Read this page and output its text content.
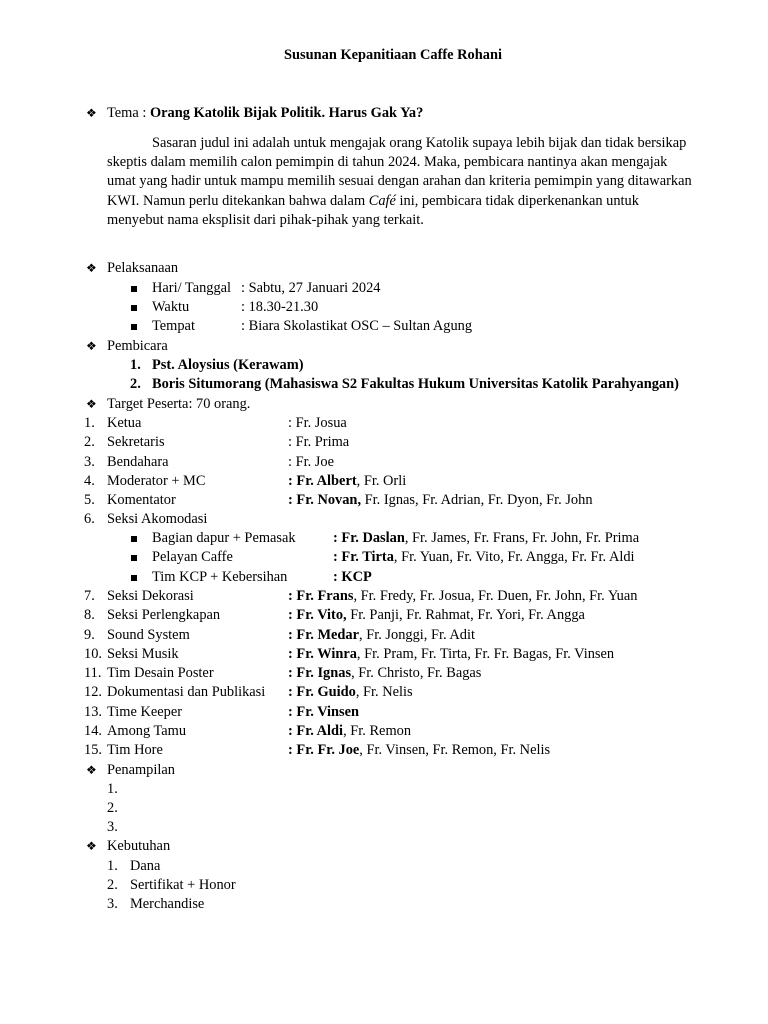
Susunan Kepanitiaan Caffe Rohani
❖ Tema : Orang Katolik Bijak Politik. Harus Gak Ya?
Sasaran judul ini adalah untuk mengajak orang Katolik supaya lebih bijak dan tidak bersikap
skeptis dalam memilih calon pemimpin di tahun 2024. Maka, pembicara nantinya akan mengajak
umat yang hadir untuk mampu memilih sesuai dengan arahan dan kriteria pemimpin yang ditawarkan
KWI. Namun perlu ditekankan bahwa dalam Café ini, pembicara tidak diperkenankan untuk
menyebut nama eksplisit dari pihak-pihak yang terkait.
❖ Pelaksanaan
Hari/ Tanggal : Sabtu, 27 Januari 2024
Waktu	: 18.30-21.30
Tempat	: Biara Skolastikat OSC – Sultan Agung
❖ Pembicara
1. Pst. Aloysius (Kerawam)
2. Boris Situmorang (Mahasiswa S2 Fakultas Hukum Universitas Katolik Parahyangan)
❖ Target Peserta: 70 orang.
1. Ketua	: Fr. Josua
2. Sekretaris	: Fr. Prima
3. Bendahara	: Fr. Joe
4. Moderator + MC	: Fr. Albert, Fr. Orli
5. Komentator	: Fr. Novan, Fr. Ignas, Fr. Adrian, Fr. Dyon, Fr. John
6. Seksi Akomodasi
Bagian dapur + Pemasak	: Fr. Daslan, Fr. James, Fr. Frans, Fr. John, Fr. Prima
Pelayan Caffe	: Fr. Tirta, Fr. Yuan, Fr. Vito, Fr. Angga, Fr. Fr. Aldi
Tim KCP + Kebersihan	: KCP
7. Seksi Dekorasi	: Fr. Frans, Fr. Fredy, Fr. Josua, Fr. Duen, Fr. John, Fr. Yuan
8. Seksi Perlengkapan	: Fr. Vito, Fr. Panji, Fr. Rahmat, Fr. Yori, Fr. Angga
9. Sound System	: Fr. Medar, Fr. Jonggi, Fr. Adit
10. Seksi Musik	: Fr. Winra, Fr. Pram, Fr. Tirta, Fr. Fr. Bagas, Fr. Vinsen
11. Tim Desain Poster	: Fr. Ignas, Fr. Christo, Fr. Bagas
12. Dokumentasi dan Publikasi : Fr. Guido, Fr. Nelis
13. Time Keeper	: Fr. Vinsen
14. Among Tamu	: Fr. Aldi, Fr. Remon
15. Tim Hore	: Fr. Fr. Joe, Fr. Vinsen, Fr. Remon, Fr. Nelis
❖ Penampilan
1.
2.
3.
❖ Kebutuhan
1. Dana
2. Sertifikat + Honor
3. Merchandise
